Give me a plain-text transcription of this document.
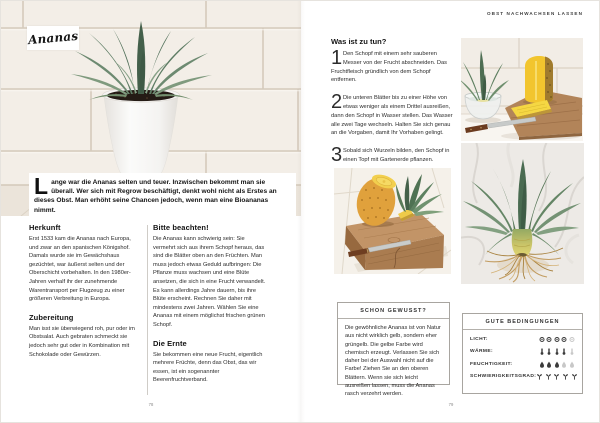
Ananas
Lange war die Ananas selten und teuer. Inzwischen bekommt man sie überall. Wer sich mit Regrow beschäftigt, denkt wohl nicht als Erstes an dieses Obst. Man erhöht seine Chancen jedoch, wenn man eine Bioananas nimmt.
Herkunft

Erst 1533 kam die Ananas nach Europa, und zwar an den spanischen Königshof. Damals wurde sie im Gewächshaus gezüchtet, war äußerst selten und der Oberschicht vorbehalten. In den 1980er-Jahren verhalf ihr der zunehmende Warentransport per Flugzeug zu einer größeren Verbreitung in Europa.

Zubereitung

Man isst sie überwiegend roh, pur oder im Obstsalat. Auch gebraten schmeckt sie jedoch sehr gut oder in Kombination mit Schokolade oder Gewürzen.

Bitte beachten!

Die Ananas kann schwierig sein: Sie vermehrt sich aus ihrem Schopf heraus, das sind die Blätter oben an den Früchten. Man muss jedoch etwas Geduld aufbringen: Die Pflanze muss wachsen und eine Blüte ansetzen, die sich in eine Frucht verwandelt. Es kann allerdings Jahre dauern, bis ihre Blüte erscheint. Rechnen Sie daher mit mindestens zwei Jahren. Wählen Sie eine Ananas mit einem möglichst frischen grünen Schopf.

Die Ernte

Sie bekommen eine neue Frucht, eigentlich mehrere Früchte, denn das Obst, das wir essen, ist ein sogenannter Beerenfruchtverband.

78
OBST NACHWACHSEN LASSEN
Was ist zu tun?
1 Den Schopf mit einem sehr sauberen Messer von der Frucht abschneiden. Das Fruchtfleisch gründlich von dem Schopf entfernen.

2 Die unteren Blätter bis zu einer Höhe von etwas weniger als einem Drittel ausreißen, dann den Schopf in Wasser stellen. Das Wasser alle zwei Tage wechseln. Halten Sie sich genau an die Vorgaben, damit Ihr Vorhaben gelingt.

3 Sobald sich Wurzeln bilden, den Schopf in einen Topf mit Gartenerde pflanzen.

SCHON GEWUSST?
Die gewöhnliche Ananas ist von Natur aus nicht wirklich gelb, sondern eher grüngelb. Die gelbe Farbe wird chemisch erzeugt. Verlassen Sie sich daher bei der Auswahl nicht auf die Farbe! Ziehen Sie an den oberen Blättern. Wenn sie sich leicht ausreißen lassen, muss die Ananas rasch verzehrt werden.
GUTE BEDINGUNGEN
LICHT:
WÄRME:
FEUCHTIGKEIT:
SCHWIERIGKEITSGRAD:
79
